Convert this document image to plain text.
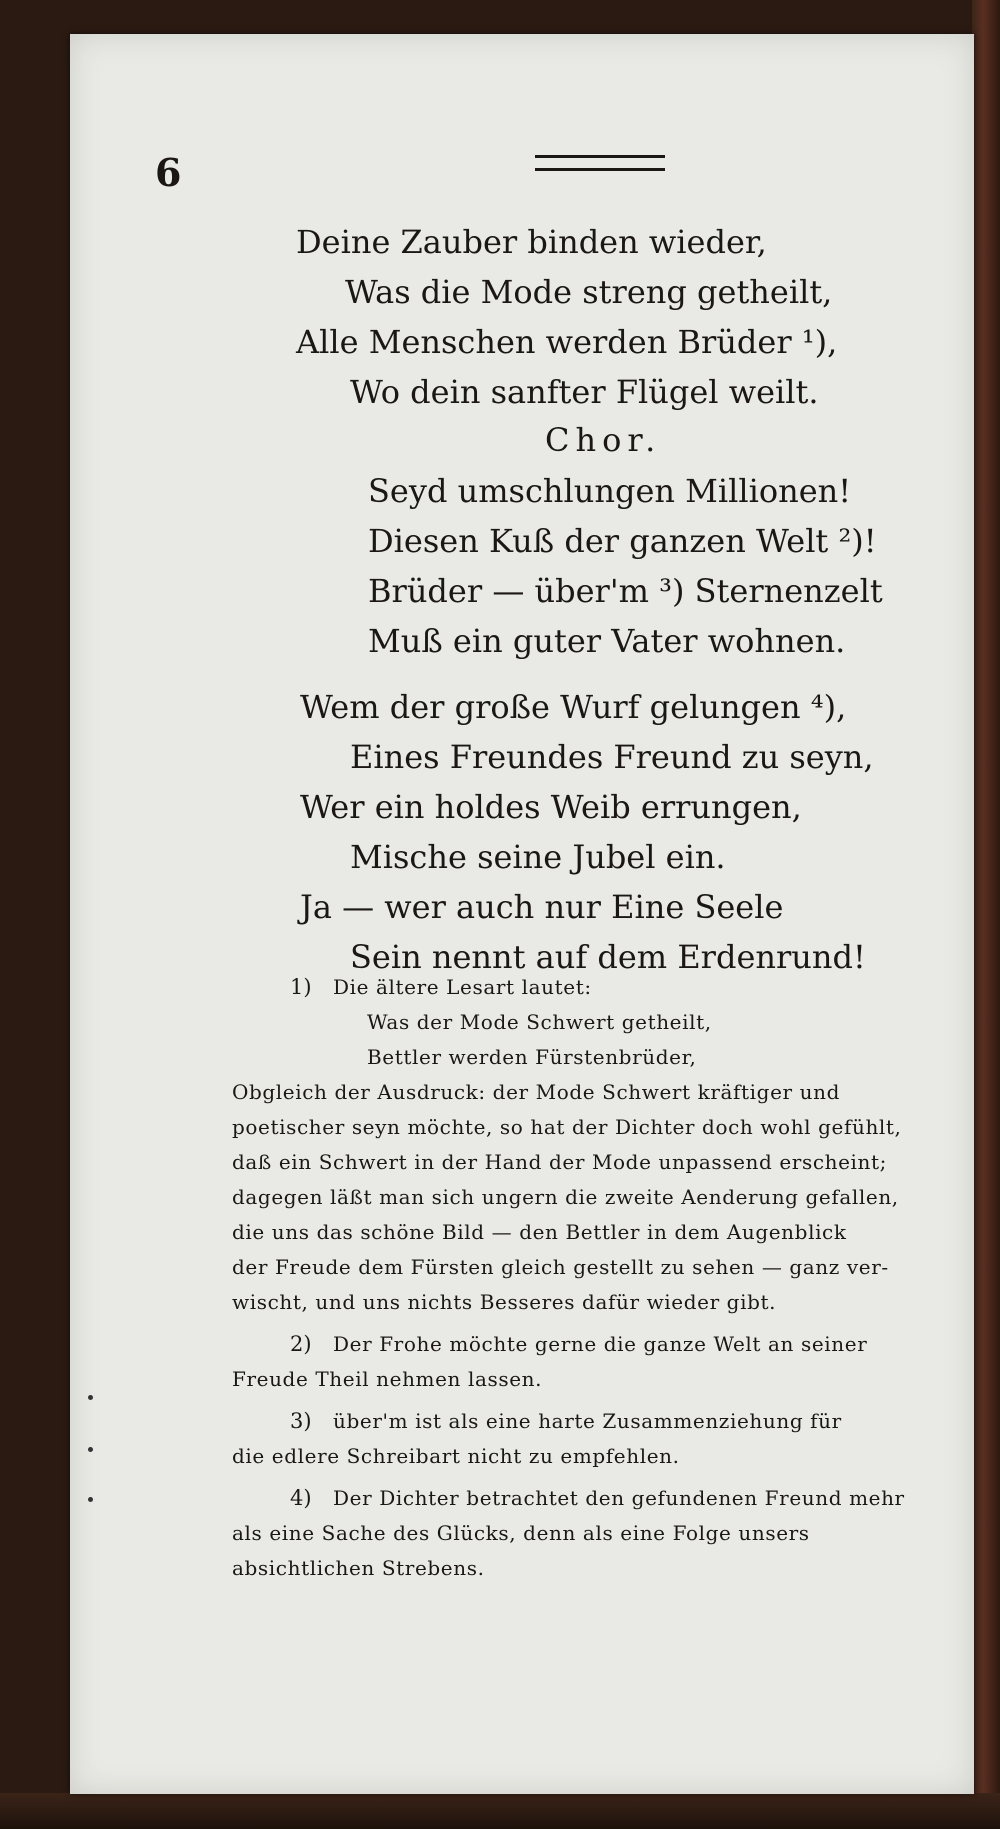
6
Deine Zauber binden wieder,
Was die Mode streng getheilt,
Alle Menschen werden Brüder ¹),
Wo dein sanfter Flügel weilt.
Chor.
Seyd umschlungen Millionen!
Diesen Kuß der ganzen Welt ²)!
Brüder — über'm ³) Sternenzelt
Muß ein guter Vater wohnen.
Wem der große Wurf gelungen ⁴),
Eines Freundes Freund zu seyn,
Wer ein holdes Weib errungen,
Mische seine Jubel ein.
Ja — wer auch nur Eine Seele
Sein nennt auf dem Erdenrund!
1) Die ältere Lesart lautet:
Was der Mode Schwert getheilt,
Bettler werden Fürstenbrüder,
Obgleich der Ausdruck: der Mode Schwert kräftiger und
poetischer seyn möchte, so hat der Dichter doch wohl gefühlt,
daß ein Schwert in der Hand der Mode unpassend erscheint;
dagegen läßt man sich ungern die zweite Aenderung gefallen,
die uns das schöne Bild — den Bettler in dem Augenblick
der Freude dem Fürsten gleich gestellt zu sehen — ganz ver-
wischt, und uns nichts Besseres dafür wieder gibt.
2) Der Frohe möchte gerne die ganze Welt an seiner
Freude Theil nehmen lassen.
3) über'm ist als eine harte Zusammenziehung für
die edlere Schreibart nicht zu empfehlen.
4) Der Dichter betrachtet den gefundenen Freund mehr
als eine Sache des Glücks, denn als eine Folge unsers
absichtlichen Strebens.
